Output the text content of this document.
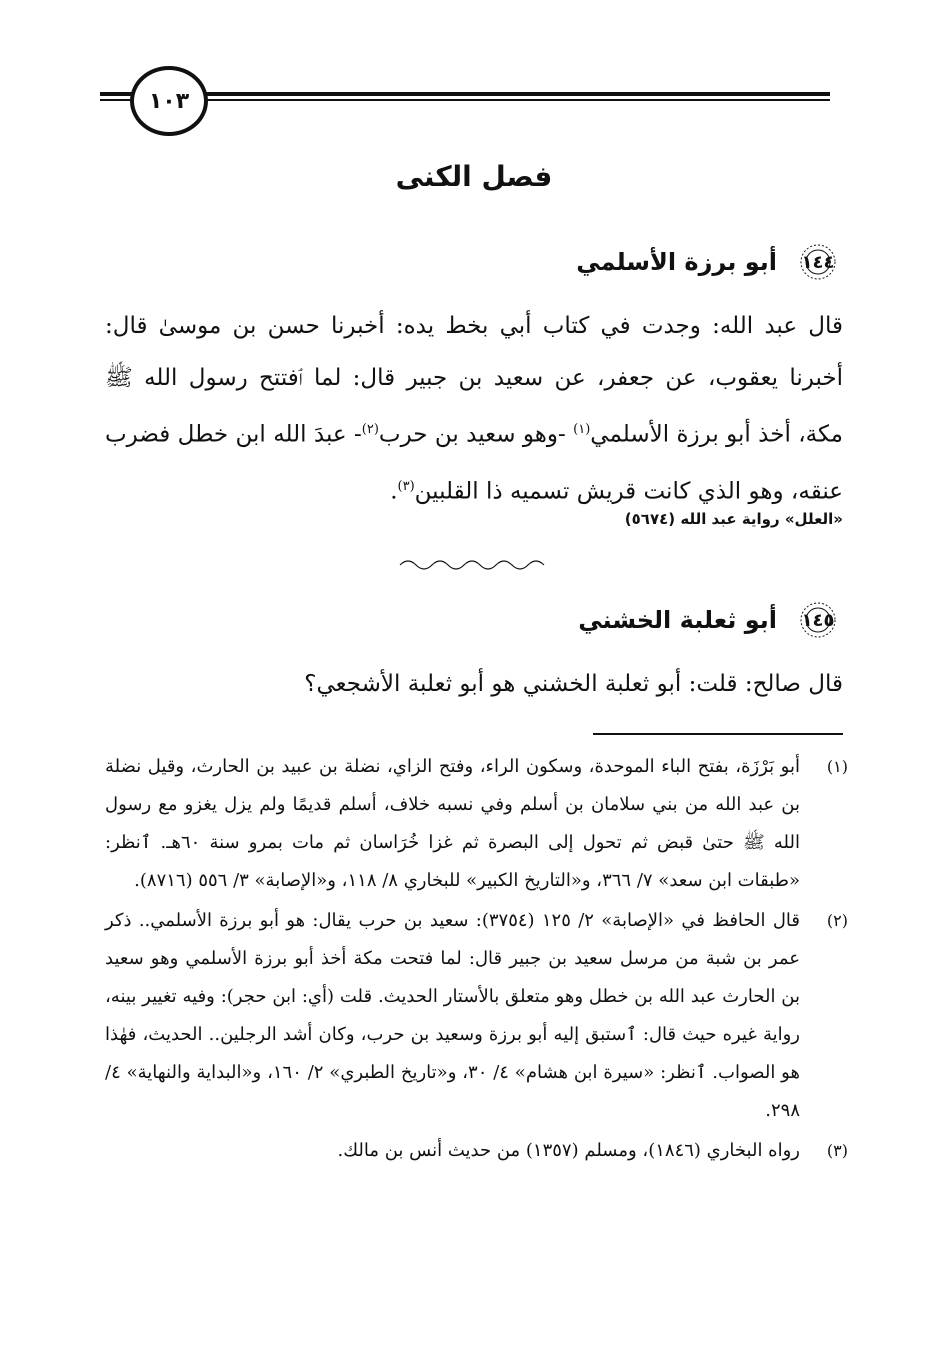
١٠٣
فصل الكنى
١٤٤
أبو برزة الأسلمي

قال عبد الله: وجدت في كتاب أبي بخط يده: أخبرنا حسن بن موسىٰ قال: أخبرنا يعقوب، عن جعفر، عن سعيد بن جبير قال: لما ٱفتتح رسول الله ﷺ مكة، أخذ أبو برزة الأسلمي$^{(١)}$ -وهو سعيد بن حرب$^{(٢)}$- عبدَ الله ابن خطل فضرب عنقه، وهو الذي كانت قريش تسميه ذا القلبين$^{(٣)}$.

«العلل» رواية عبد الله (٥٦٧٤)
١٤٥
أبو ثعلبة الخشني

قال صالح: قلت: أبو ثعلبة الخشني هو أبو ثعلبة الأشجعي؟

(١)
أبو بَرْزَة، بفتح الباء الموحدة، وسكون الراء، وفتح الزاي، نضلة بن عبيد بن الحارث، وقيل نضلة بن عبد الله من بني سلامان بن أسلم وفي نسبه خلاف، أسلم قديمًا ولم يزل يغزو مع رسول الله ﷺ حتىٰ قبض ثم تحول إلى البصرة ثم غزا خُرَاسان ثم مات بمرو سنة ٦٠هـ. ٱنظر: «طبقات ابن سعد» ٧/ ٣٦٦، و«التاريخ الكبير» للبخاري ٨/ ١١٨، و«الإصابة» ٣/ ٥٥٦ (٨٧١٦).
(٢)
قال الحافظ في «الإصابة» ٢/ ١٢٥ (٣٧٥٤): سعيد بن حرب يقال: هو أبو برزة الأسلمي.. ذكر عمر بن شبة من مرسل سعيد بن جبير قال: لما فتحت مكة أخذ أبو برزة الأسلمي وهو سعيد بن الحارث عبد الله بن خطل وهو متعلق بالأستار الحديث. قلت (أي: ابن حجر): وفيه تغيير بينه، رواية غيره حيث قال: ٱستبق إليه أبو برزة وسعيد بن حرب، وكان أشد الرجلين.. الحديث، فهٰذا هو الصواب. ٱنظر: «سيرة ابن هشام» ٤/ ٣٠، و«تاريخ الطبري» ٢/ ١٦٠، و«البداية والنهاية» ٤/ ٢٩٨.
(٣)
رواه البخاري (١٨٤٦)، ومسلم (١٣٥٧) من حديث أنس بن مالك.
